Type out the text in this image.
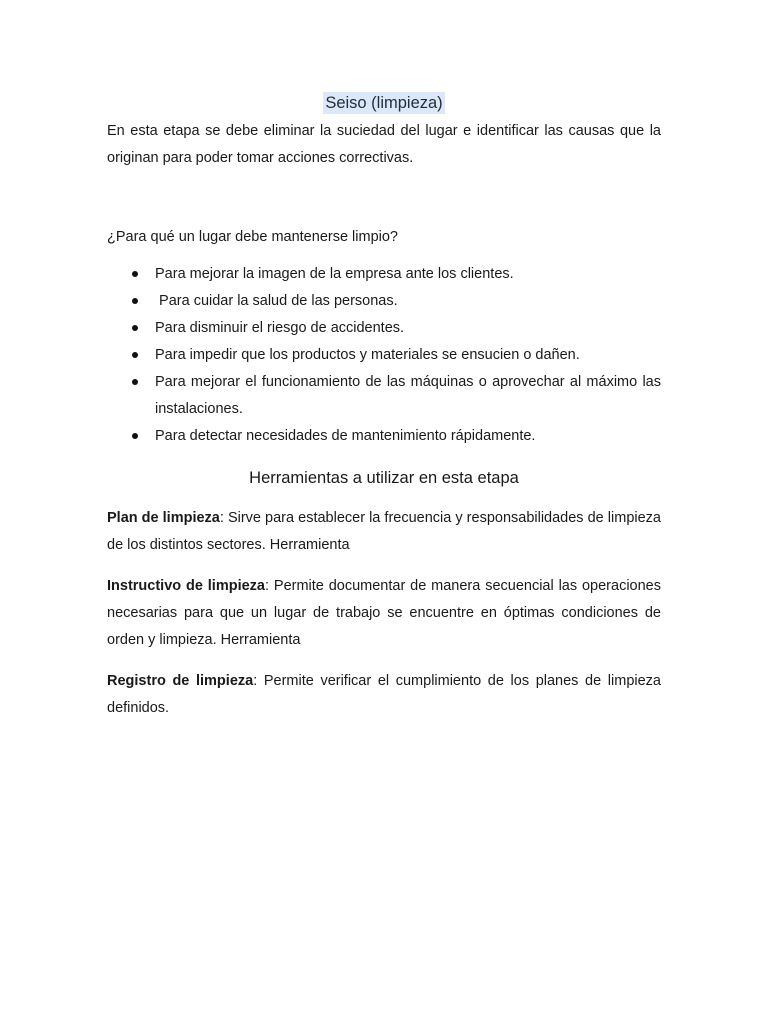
Seiso (limpieza)

En esta etapa se debe eliminar la suciedad del lugar e identificar las causas que la originan para poder tomar acciones correctivas.

¿Para qué un lugar debe mantenerse limpio?

Para mejorar la imagen de la empresa ante los clientes.
Para cuidar la salud de las personas.
Para disminuir el riesgo de accidentes.
Para impedir que los productos y materiales se ensucien o dañen.
Para mejorar el funcionamiento de las máquinas o aprovechar al máximo las instalaciones.
Para detectar necesidades de mantenimiento rápidamente.
Herramientas a utilizar en esta etapa

Plan de limpieza: Sirve para establecer la frecuencia y responsabilidades de limpieza de los distintos sectores. Herramienta

Instructivo de limpieza: Permite documentar de manera secuencial las operaciones necesarias para que un lugar de trabajo se encuentre en óptimas condiciones de orden y limpieza. Herramienta

Registro de limpieza: Permite verificar el cumplimiento de los planes de limpieza definidos.
